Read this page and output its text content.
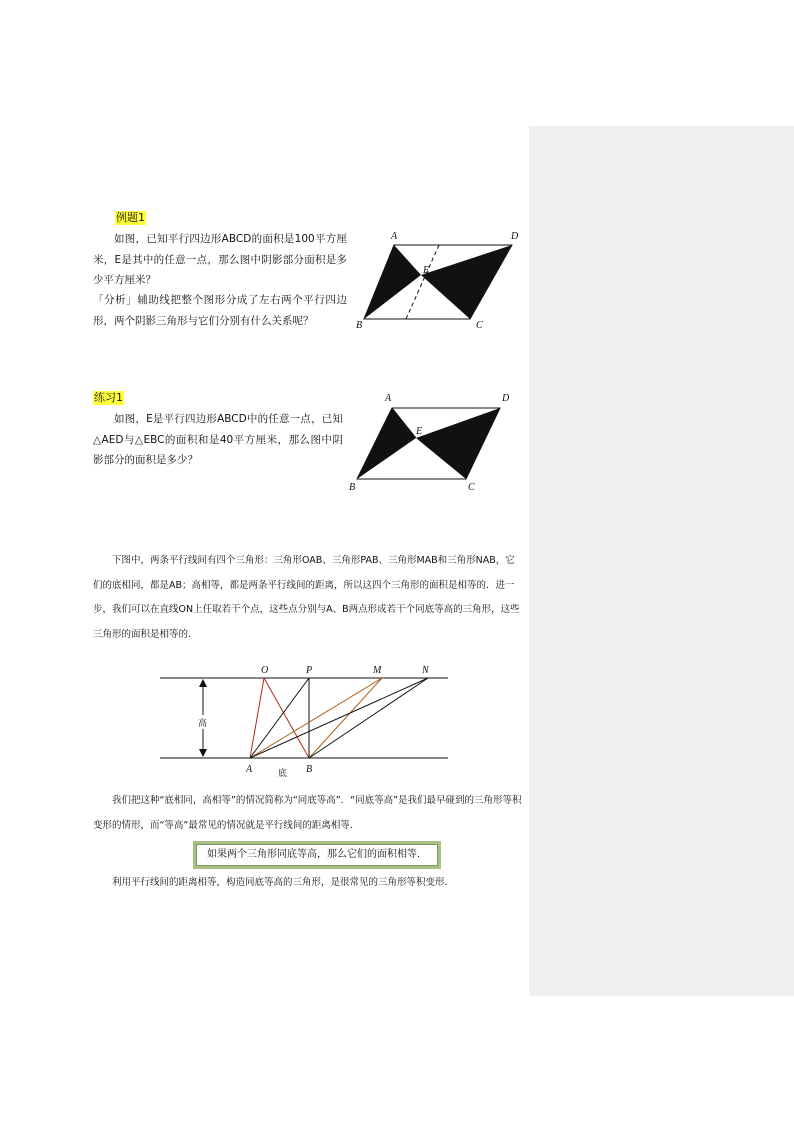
例题1

如图，已知平行四边形ABCD的面积是100平方厘米，E是其中的任意一点，那么图中阴影部分面积是多少平方厘米？

「分析」辅助线把整个图形分成了左右两个平行四边形，两个阴影三角形与它们分别有什么关系呢？

A	D
B	C
E
练习1

如图，E是平行四边形ABCD中的任意一点，已知△AED与△EBC的面积和是40平方厘米，那么图中阴影部分的面积是多少？

A	D
B	C
E

下图中，两条平行线间有四个三角形：三角形OAB、三角形PAB、三角形MAB和三角形NAB，它们的底相同，都是AB；高相等，都是两条平行线间的距离，所以这四个三角形的面积是相等的．进一步，我们可以在直线ON上任取若干个点，这些点分别与A、B两点形成若干个同底等高的三角形，这些三角形的面积是相等的．

高
O	P	M	N
A	B
底

我们把这种“底相同，高相等”的情况简称为“同底等高”．“同底等高”是我们最早碰到的三角形等积变形的情形，而“等高”最常见的情况就是平行线间的距离相等．

如果两个三角形同底等高，那么它们的面积相等．

利用平行线间的距离相等，构造同底等高的三角形，是很常见的三角形等积变形．
